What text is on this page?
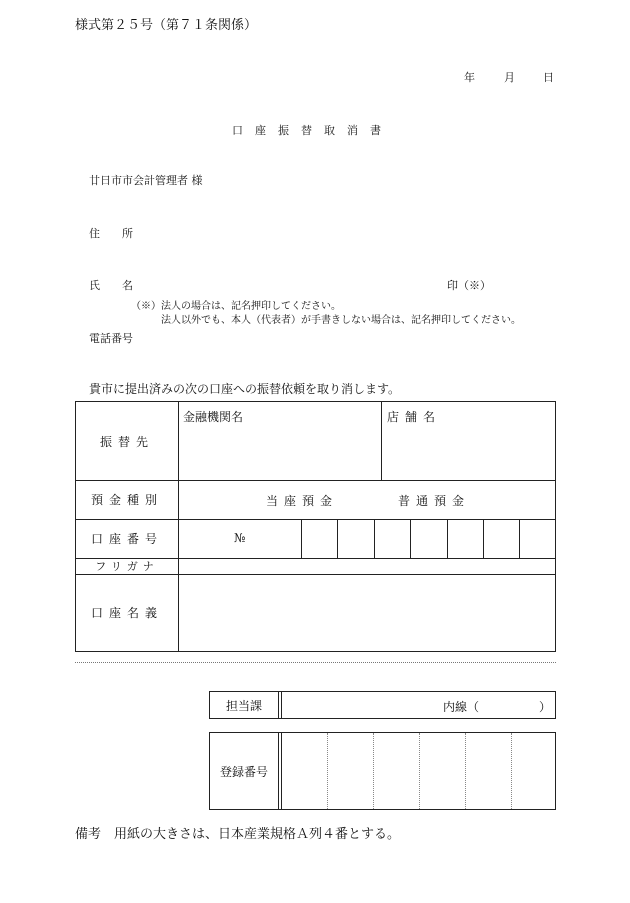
様式第２５号（第７１条関係）
年	月	日
口座振替取消書
廿日市市会計管理者 様
住　　所
氏　　名	印（※）
（※） 法人の場合は、記名押印してください。
法人以外でも、本人（代表者）が手書きしない場合は、記名押印してください。
電話番号
貴市に提出済みの次の口座への振替依頼を取り消します。
振替先
金融機関名	店舗名
預金種別	当座預金	普通預金
口座番号	№
フリガナ
口座名義
担当課	内線（　　　　　）
登録番号
備考　用紙の大きさは、日本産業規格Ａ列４番とする。
